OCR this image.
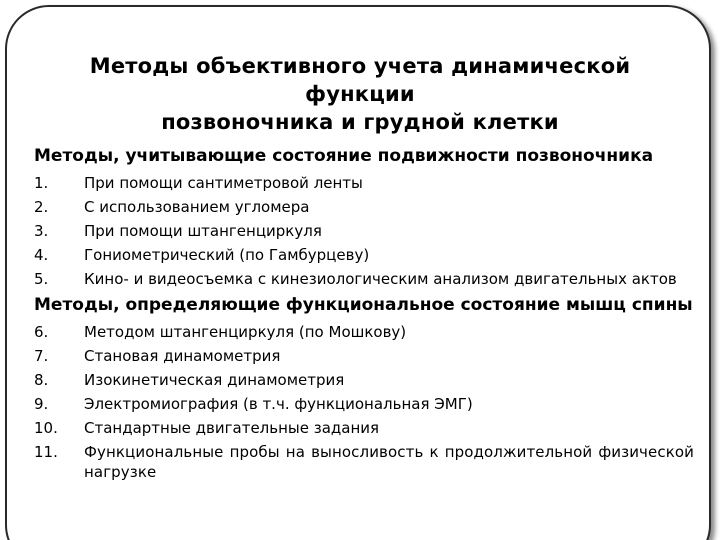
Методы объективного учета динамической
функции
позвоночника и грудной клетки
Методы, учитывающие состояние подвижности позвоночника
1.	При помощи сантиметровой ленты
2.	С использованием угломера
3.	При помощи штангенциркуля
4.	Гониометрический (по Гамбурцеву)
5.	Кино- и видеосъемка с кинезиологическим анализом двигательных актов
Методы, определяющие функциональное состояние мышц спины
6.	Методом штангенциркуля (по Мошкову)
7.	Становая динамометрия
8.	Изокинетическая динамометрия
9.	Электромиография (в т.ч. функциональная ЭМГ)
10.	Стандартные двигательные задания
11.	Функциональные пробы на выносливость к продолжительной физической нагрузке
